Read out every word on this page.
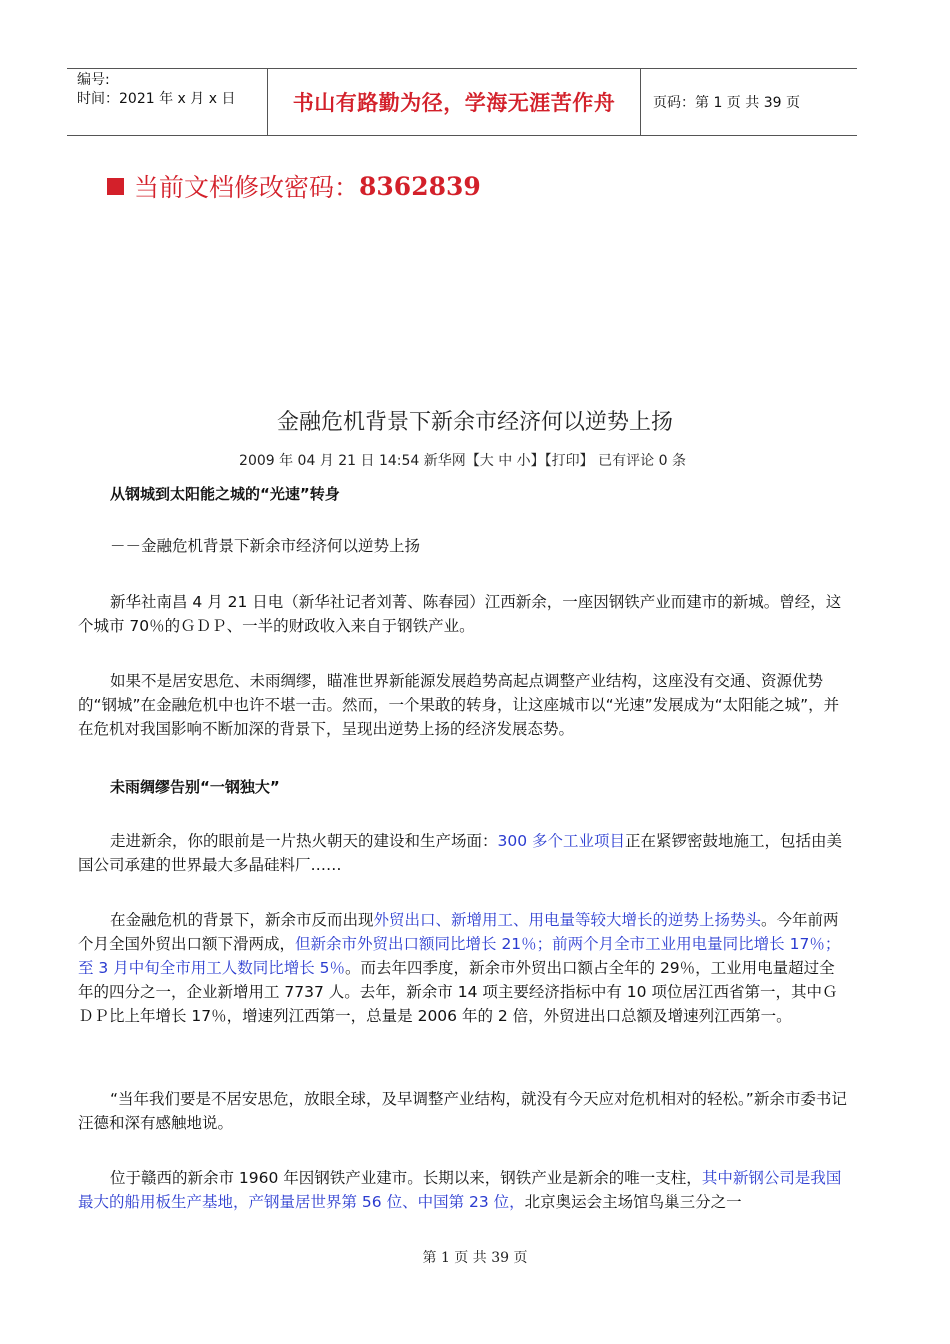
编号:
时间：2021 年 x 月 x 日	书山有路勤为径，学海无涯苦作舟	页码：第 1 页 共 39 页
当前文档修改密码： 8362839
金融危机背景下新余市经济何以逆势上扬
2009 年 04 月 21 日 14:54 新华网【大 中 小】【打印】 已有评论 0 条
从钢城到太阳能之城的“光速”转身

－－金融危机背景下新余市经济何以逆势上扬

新华社南昌 4 月 21 日电（新华社记者刘菁、陈春园）江西新余，一座因钢铁产业而建市的新城。曾经，这个城市 70％的ＧＤＰ、一半的财政收入来自于钢铁产业。

如果不是居安思危、未雨绸缪，瞄准世界新能源发展趋势高起点调整产业结构，这座没有交通、资源优势的“钢城”在金融危机中也许不堪一击。然而，一个果敢的转身，让这座城市以“光速”发展成为“太阳能之城”，并在危机对我国影响不断加深的背景下，呈现出逆势上扬的经济发展态势。

未雨绸缪告别“一钢独大”

走进新余，你的眼前是一片热火朝天的建设和生产场面：300 多个工业项目正在紧锣密鼓地施工，包括由美国公司承建的世界最大多晶硅料厂……

在金融危机的背景下，新余市反而出现外贸出口、新增用工、用电量等较大增长的逆势上扬势头。今年前两个月全国外贸出口额下滑两成，但新余市外贸出口额同比增长 21％；前两个月全市工业用电量同比增长 17％；至 3 月中旬全市用工人数同比增长 5％。而去年四季度，新余市外贸出口额占全年的 29％，工业用电量超过全年的四分之一，企业新增用工 7737 人。去年，新余市 14 项主要经济指标中有 10 项位居江西省第一，其中ＧＤＰ比上年增长 17％，增速列江西第一，总量是 2006 年的 2 倍，外贸进出口总额及增速列江西第一。

“当年我们要是不居安思危，放眼全球，及早调整产业结构，就没有今天应对危机相对的轻松。”新余市委书记汪德和深有感触地说。

位于赣西的新余市 1960 年因钢铁产业建市。长期以来，钢铁产业是新余的唯一支柱，其中新钢公司是我国最大的船用板生产基地，产钢量居世界第 56 位、中国第 23 位，北京奥运会主场馆鸟巢三分之一

第 1 页 共 39 页
